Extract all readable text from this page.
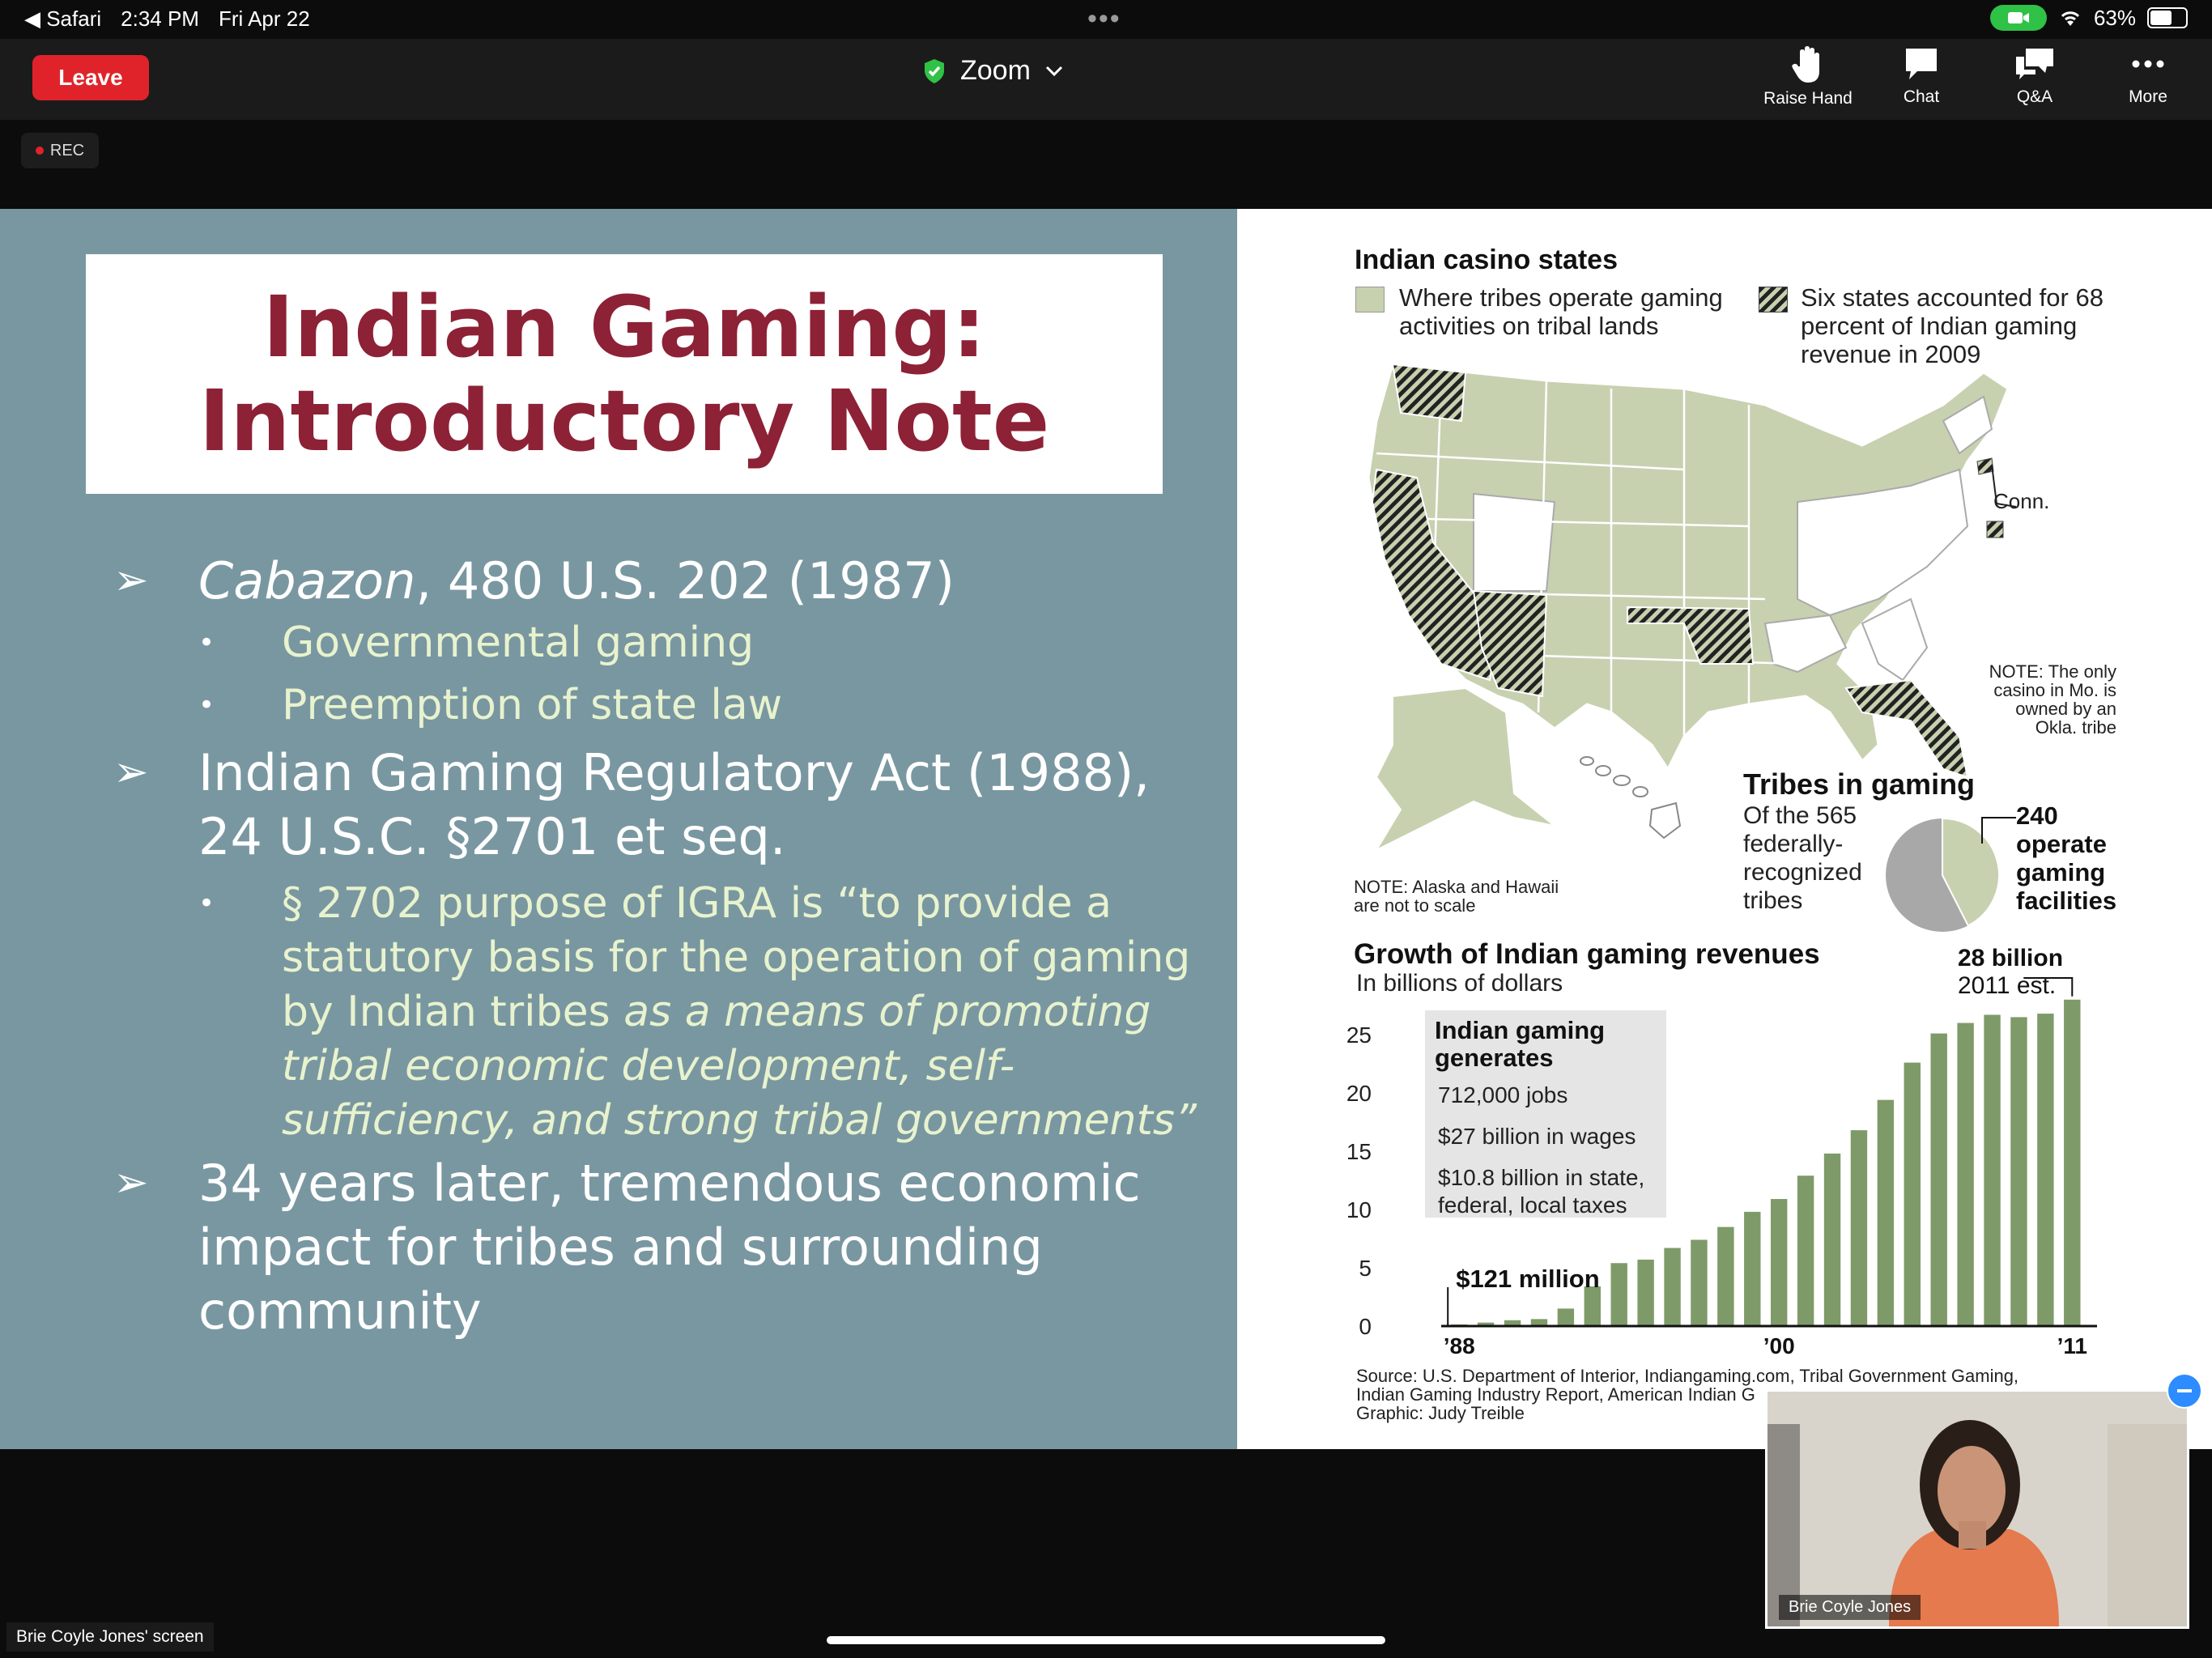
◀ Safari 2:34 PM Fri Apr 22	•••	63%
Leave	Zoom
Raise Hand	Chat	Q&A	More
REC
Indian Gaming:
Introductory Note
➢ Cabazon, 480 U.S. 202 (1987)
• Governmental gaming
• Preemption of state law
➢ Indian Gaming Regulatory Act (1988),
24 U.S.C. §2701 et seq.
• § 2702 purpose of IGRA is “to provide a statutory basis for the operation of gaming by Indian tribes as a means of promoting tribal economic development, self-sufficiency, and strong tribal governments”
➢ 34 years later, tremendous economic
impact for tribes and surrounding
community
Indian casino states
Where tribes operate gaming activities on tribal lands
Six states accounted for 68 percent of Indian gaming revenue in 2009
Conn.
NOTE: The only casino in Mo. is owned by an Okla. tribe
NOTE: Alaska and Hawaii are not to scale
Tribes in gaming
Of the 565 federally-recognized tribes
240
operate gaming facilities
Growth of Indian gaming revenues
In billions of dollars
28 billion
2011 est.
0
5
10
15
20
25
’88	’00	’11
$121 million
Indian gaming generates
712,000 jobs
$27 billion in wages
$10.8 billion in state, federal, local taxes
Source: U.S. Department of Interior, Indiangaming.com, Tribal Government Gaming,
Indian Gaming Industry Report, American Indian G
Graphic: Judy Treible
Brie Coyle Jones
Brie Coyle Jones' screen
